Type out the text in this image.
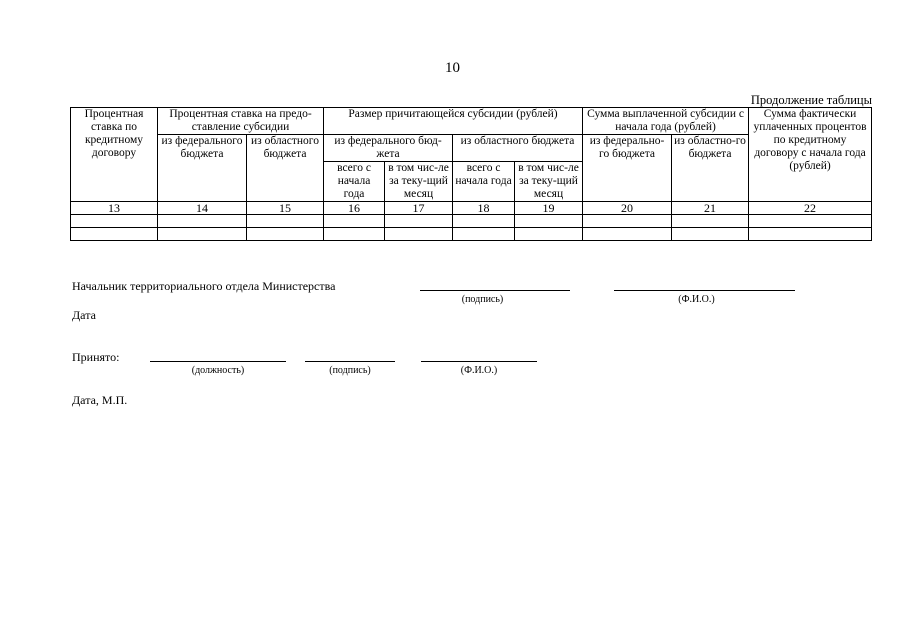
10
Продолжение таблицы
Процентная ставка по кредитному договору	Процентная ставка на предо-ставление субсидии		Размер причитающейся субсидии (рублей)				Сумма выплаченной субсидии с начала года (рублей)		Сумма фактически уплаченных процентов по кредитному договору с начала года (рублей)
	из федерального бюджета	из областного бюджета	из федерального бюд-жета		из областного бюджета		из федерально-го бюджета	из областно-го бюджета	
			всего с начала года	в том чис-ле за теку-щий месяц	всего с начала года	в том чис-ле за теку-щий месяц			
13	14	15	16	17	18	19	20	21	22

Начальник территориального отдела Министерства
(подпись)	(Ф.И.О.)
Дата
Принято:
(должность)	(подпись)	(Ф.И.О.)
Дата, М.П.
